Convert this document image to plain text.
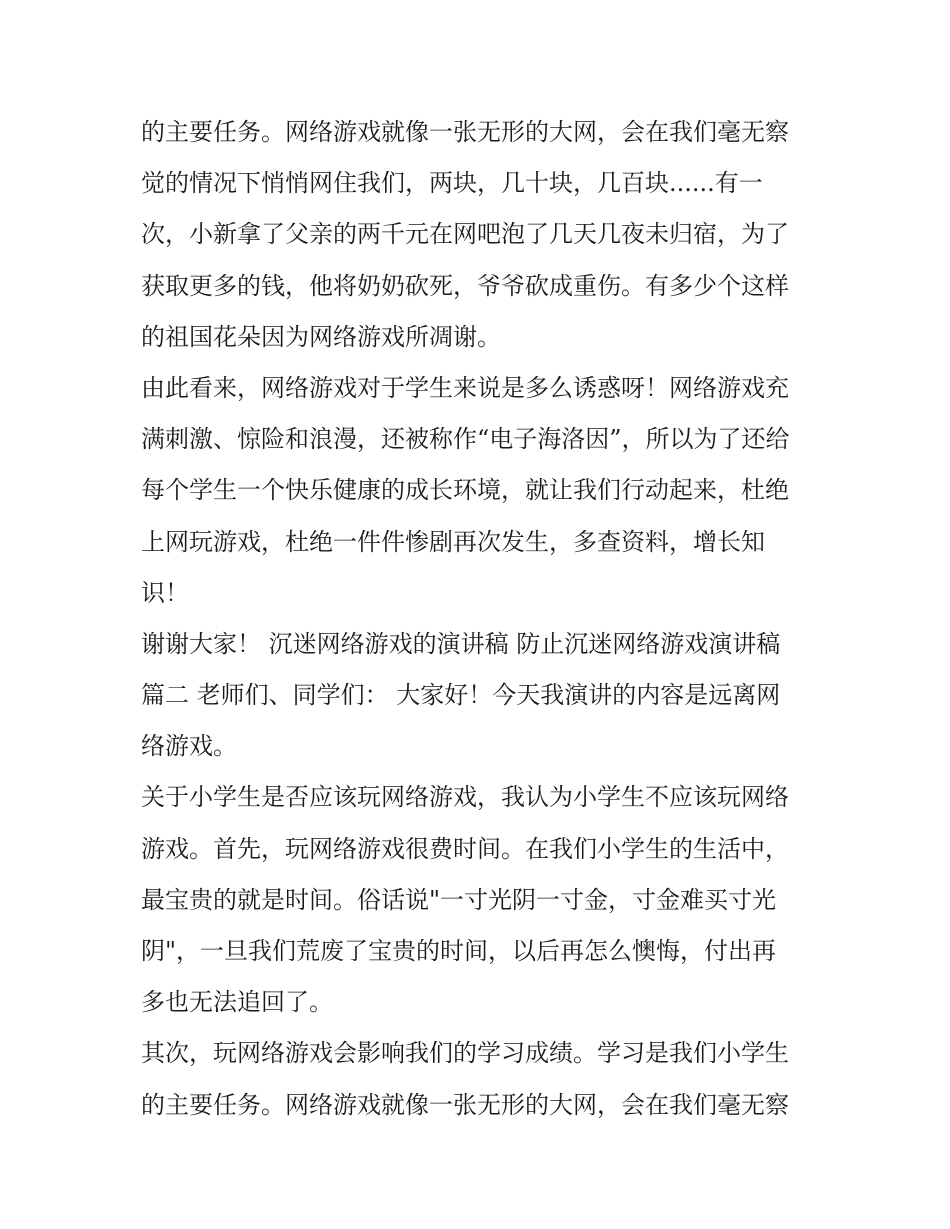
的主要任务。网络游戏就像一张无形的大网，会在我们毫无察
觉的情况下悄悄网住我们，两块，几十块，几百块......有一
次，小新拿了父亲的两千元在网吧泡了几天几夜未归宿，为了
获取更多的钱，他将奶奶砍死，爷爷砍成重伤。有多少个这样
的祖国花朵因为网络游戏所凋谢。
由此看来，网络游戏对于学生来说是多么诱惑呀！网络游戏充
满刺激、惊险和浪漫，还被称作“电子海洛因”，所以为了还给
每个学生一个快乐健康的成长环境，就让我们行动起来，杜绝
上网玩游戏，杜绝一件件惨剧再次发生，多查资料，增长知
识！
谢谢大家！ 沉迷网络游戏的演讲稿 防止沉迷网络游戏演讲稿
篇二 老师们、同学们： 大家好！今天我演讲的内容是远离网
络游戏。
关于小学生是否应该玩网络游戏，我认为小学生不应该玩网络
游戏。首先，玩网络游戏很费时间。在我们小学生的生活中，
最宝贵的就是时间。俗话说"一寸光阴一寸金，寸金难买寸光
阴"，一旦我们荒废了宝贵的时间，以后再怎么懊悔，付出再
多也无法追回了。
其次，玩网络游戏会影响我们的学习成绩。学习是我们小学生
的主要任务。网络游戏就像一张无形的大网，会在我们毫无察
